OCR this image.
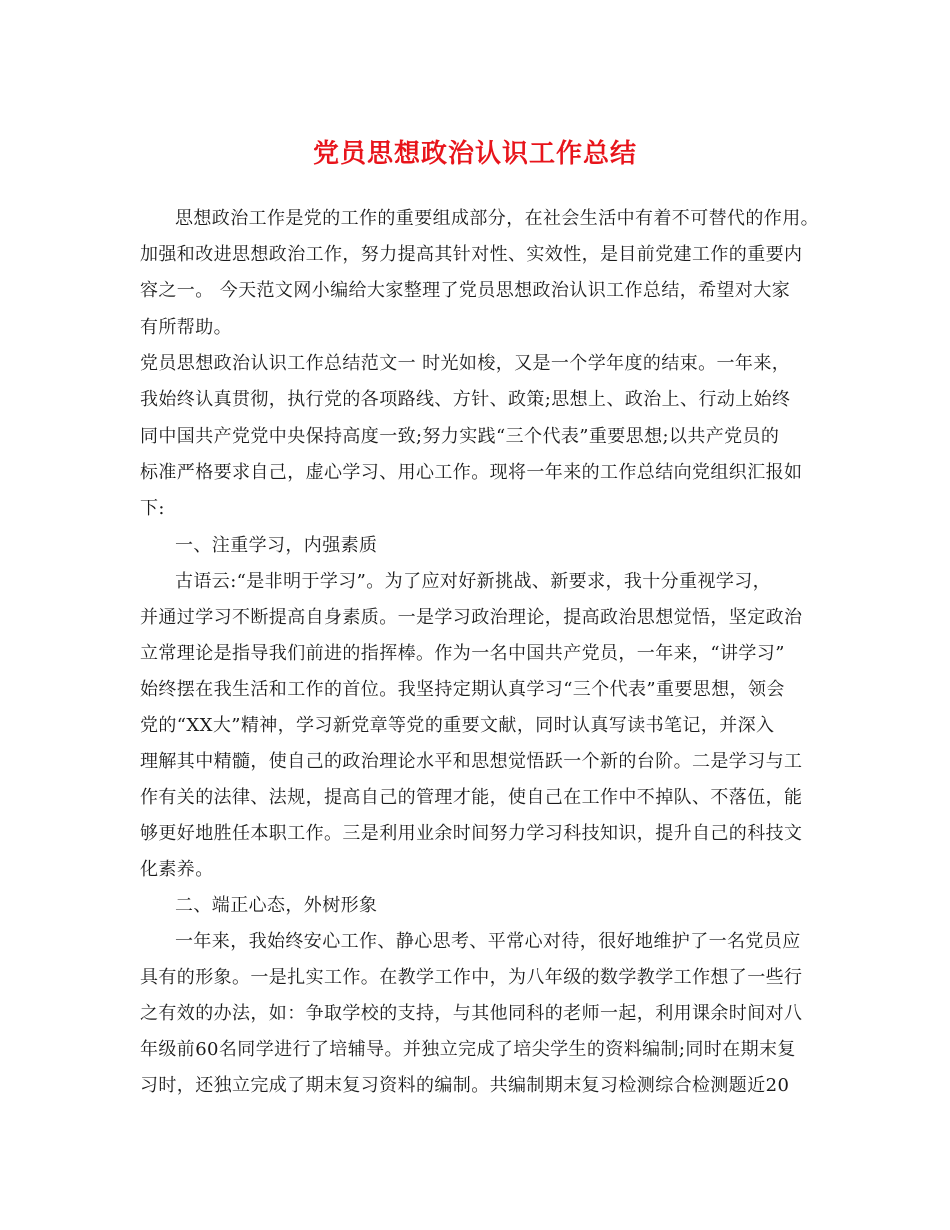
党员思想政治认识工作总结
思想政治工作是党的工作的重要组成部分，在社会生活中有着不可替代的作用。
加强和改进思想政治工作，努力提高其针对性、实效性，是目前党建工作的重要内
容之一。 今天范文网小编给大家整理了党员思想政治认识工作总结，希望对大家
有所帮助。
党员思想政治认识工作总结范文一 时光如梭，又是一个学年度的结束。一年来，
我始终认真贯彻，执行党的各项路线、方针、政策;思想上、政治上、行动上始终
同中国共产党党中央保持高度一致;努力实践“三个代表”重要思想;以共产党员的
标准严格要求自己，虚心学习、用心工作。现将一年来的工作总结向党组织汇报如
下:
一、注重学习，内强素质
古语云:“是非明于学习”。为了应对好新挑战、新要求，我十分重视学习，
并通过学习不断提高自身素质。一是学习政治理论，提高政治思想觉悟，坚定政治
立常理论是指导我们前进的指挥棒。作为一名中国共产党员，一年来，“讲学习”
始终摆在我生活和工作的首位。我坚持定期认真学习“三个代表”重要思想，领会
党的“XX大”精神，学习新党章等党的重要文献，同时认真写读书笔记，并深入
理解其中精髓，使自己的政治理论水平和思想觉悟跃一个新的台阶。二是学习与工
作有关的法律、法规，提高自己的管理才能，使自己在工作中不掉队、不落伍，能
够更好地胜任本职工作。三是利用业余时间努力学习科技知识，提升自己的科技文
化素养。
二、端正心态，外树形象
一年来，我始终安心工作、静心思考、平常心对待，很好地维护了一名党员应
具有的形象。一是扎实工作。在教学工作中，为八年级的数学教学工作想了一些行
之有效的办法，如：争取学校的支持，与其他同科的老师一起，利用课余时间对八
年级前60名同学进行了培辅导。并独立完成了培尖学生的资料编制;同时在期末复
习时，还独立完成了期末复习资料的编制。共编制期末复习检测综合检测题近20
